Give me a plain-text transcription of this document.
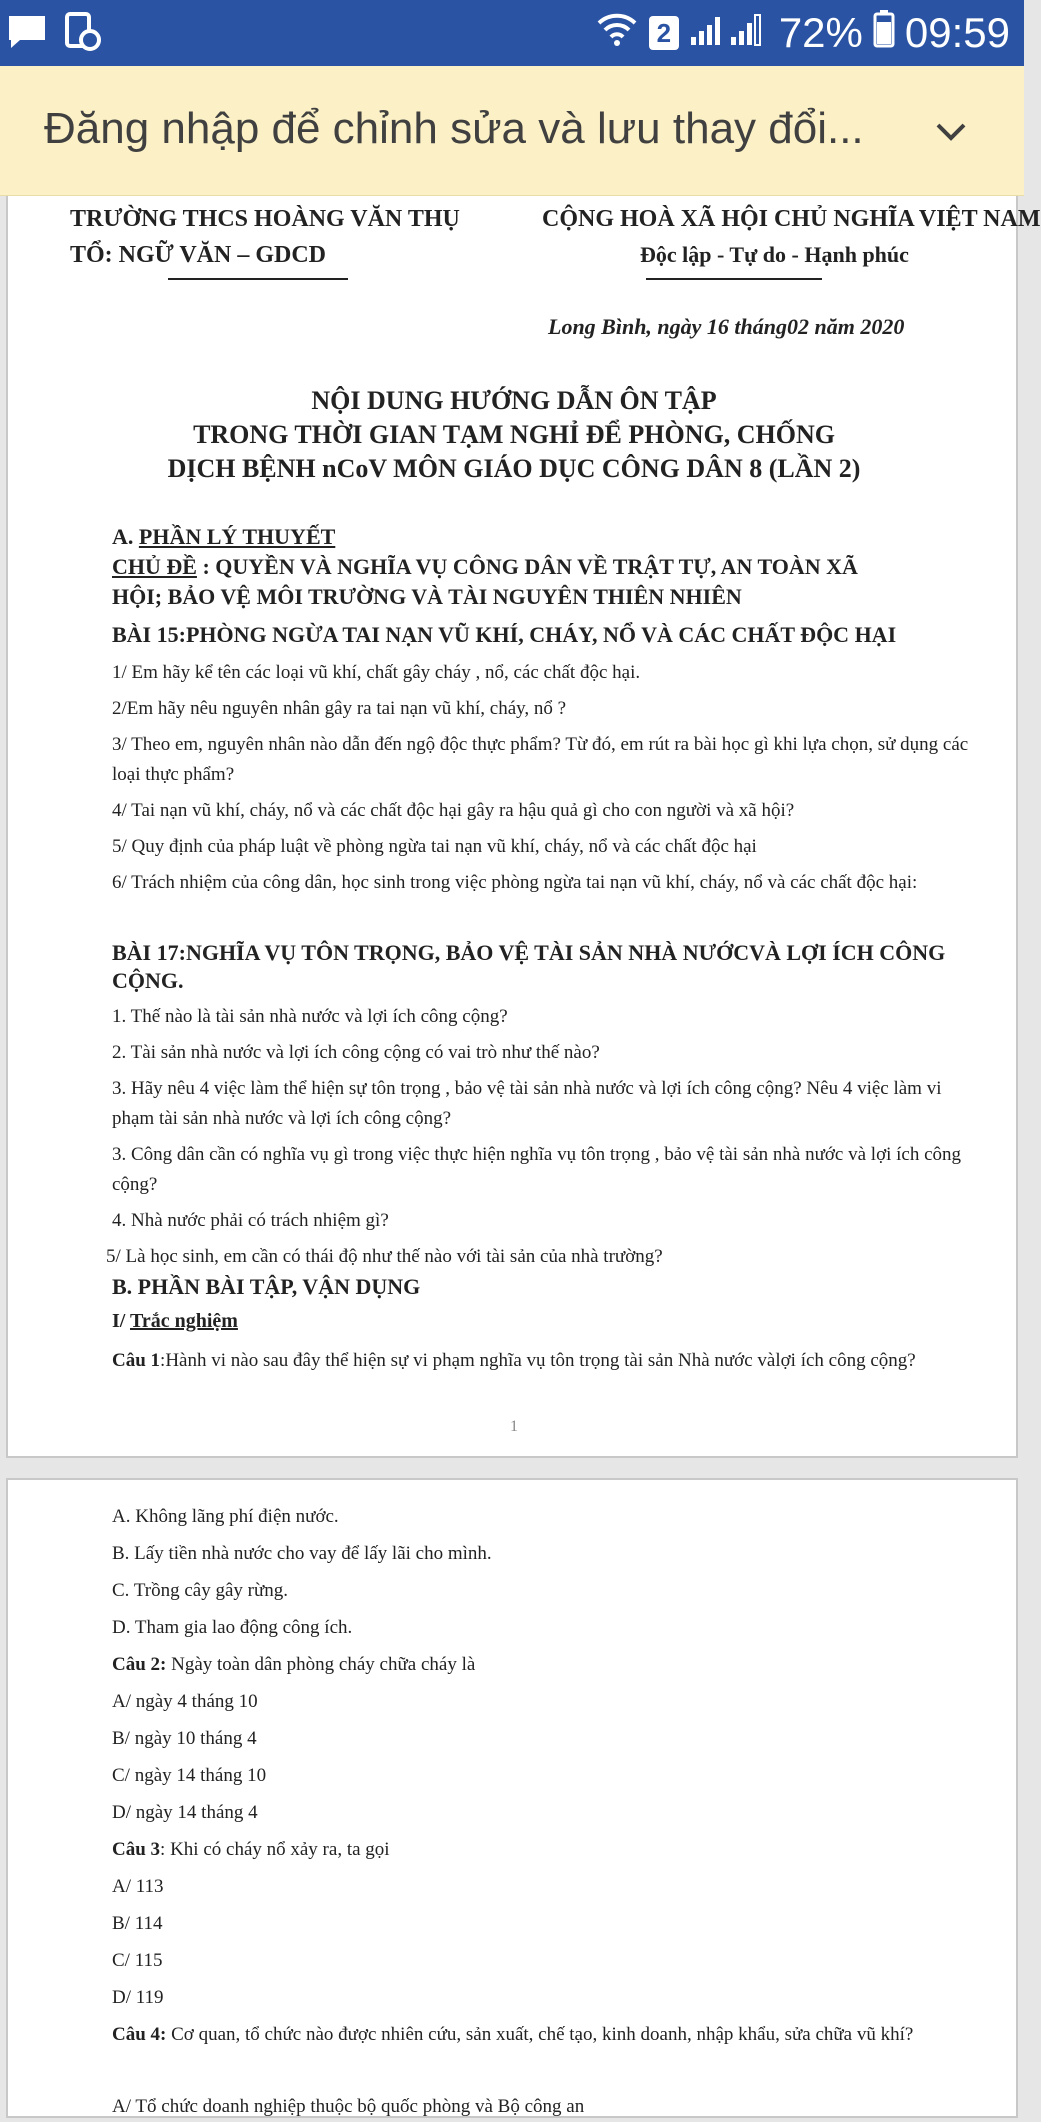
2	72% 09:59
Đăng nhập để chỉnh sửa và lưu thay đổi...
TRƯỜNG THCS HOÀNG VĂN THỤ
TỔ: NGỮ VĂN – GDCD
CỘNG HOÀ XÃ HỘI CHỦ NGHĨA VIỆT NAM
Độc lập - Tự do - Hạnh phúc
Long Bình, ngày 16 tháng02 năm 2020
NỘI DUNG HƯỚNG DẪN ÔN TẬP
TRONG THỜI GIAN TẠM NGHỈ ĐỂ PHÒNG, CHỐNG
DỊCH BỆNH nCoV MÔN GIÁO DỤC CÔNG DÂN 8 (LẦN 2)
A. PHẦN LÝ THUYẾT
CHỦ ĐỀ : QUYỀN VÀ NGHĨA VỤ CÔNG DÂN VỀ TRẬT TỰ, AN TOÀN XÃ
HỘI; BẢO VỆ MÔI TRƯỜNG VÀ TÀI NGUYÊN THIÊN NHIÊN
BÀI 15:PHÒNG NGỪA TAI NẠN VŨ KHÍ, CHÁY, NỔ VÀ CÁC CHẤT ĐỘC HẠI
1/ Em hãy kể tên các loại vũ khí, chất gây cháy , nổ, các chất độc hại.
2/Em hãy nêu nguyên nhân gây ra tai nạn vũ khí, cháy, nổ ?
3/ Theo em, nguyên nhân nào dẫn đến ngộ độc thực phẩm? Từ đó, em rút ra bài học gì khi lựa chọn, sử dụng các loại thực phẩm?
4/ Tai nạn vũ khí, cháy, nổ và các chất độc hại gây ra hậu quả gì cho con người và xã hội?
5/ Quy định của pháp luật về phòng ngừa tai nạn vũ khí, cháy, nổ và các chất độc hại
6/ Trách nhiệm của công dân, học sinh trong việc phòng ngừa tai nạn vũ khí, cháy, nổ và các chất độc hại:
BÀI 17:NGHĨA VỤ TÔN TRỌNG, BẢO VỆ TÀI SẢN NHÀ NƯỚCVÀ LỢI ÍCH CÔNG
CỘNG.
1. Thế nào là tài sản nhà nước và lợi ích công cộng?
2. Tài sản nhà nước và lợi ích công cộng có vai trò như thế nào?
3. Hãy nêu 4 việc làm thể hiện sự tôn trọng , bảo vệ tài sản nhà nước và lợi ích công cộng? Nêu 4 việc làm vi phạm tài sản nhà nước và lợi ích công cộng?
3. Công dân cần có nghĩa vụ gì trong việc thực hiện nghĩa vụ tôn trọng , bảo vệ tài sản nhà nước và lợi ích công cộng?
4. Nhà nước phải có trách nhiệm gì?
5/ Là học sinh, em cần có thái độ như thế nào với tài sản của nhà trường?
B. PHẦN BÀI TẬP, VẬN DỤNG
I/ Trắc nghiệm
Câu 1:Hành vi nào sau đây thể hiện sự vi phạm nghĩa vụ tôn trọng tài sản Nhà nước vàlợi ích công cộng?
1
A. Không lãng phí điện nước.
B. Lấy tiền nhà nước cho vay để lấy lãi cho mình.
C. Trồng cây gây rừng.
D. Tham gia lao động công ích.
Câu 2: Ngày toàn dân phòng cháy chữa cháy là
A/ ngày 4 tháng 10
B/ ngày 10 tháng 4
C/ ngày 14 tháng 10
D/ ngày 14 tháng 4
Câu 3: Khi có cháy nổ xảy ra, ta gọi
A/ 113
B/ 114
C/ 115
D/ 119
Câu 4: Cơ quan, tổ chức nào được nhiên cứu, sản xuất, chế tạo, kinh doanh, nhập khẩu, sửa chữa vũ khí?
A/ Tổ chức doanh nghiệp thuộc bộ quốc phòng và Bộ công an
